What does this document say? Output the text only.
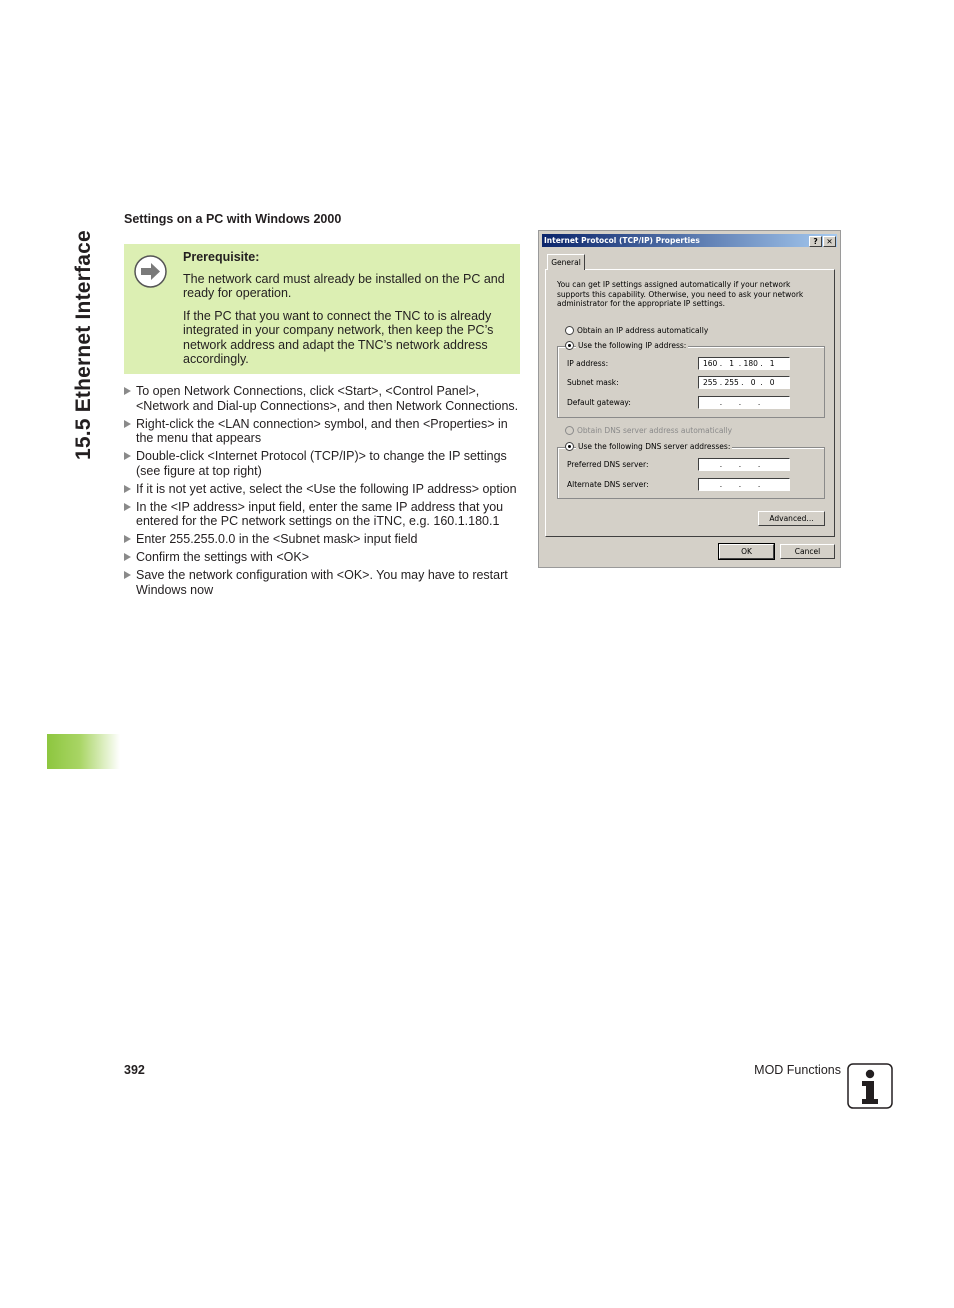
15.5 Ethernet Interface
Settings on a PC with Windows 2000
Prerequisite:

The network card must already be installed on the PC and ready for operation.

If the PC that you want to connect the TNC to is already integrated in your company network, then keep the PC’s network address and adapt the TNC’s network address accordingly.

To open Network Connections, click <Start>, <Control Panel>, <Network and Dial-up Connections>, and then Network Connections.
Right-click the <LAN connection> symbol, and then <Properties> in the menu that appears
Double-click <Internet Protocol (TCP/IP)> to change the IP settings (see figure at top right)
If it is not yet active, select the <Use the following IP address> option
In the <IP address> input field, enter the same IP address that you entered for the PC network settings on the iTNC, e.g. 160.1.180.1
Enter 255.255.0.0 in the <Subnet mask> input field
Confirm the settings with <OK>
Save the network configuration with <OK>. You may have to restart Windows now
Internet Protocol (TCP/IP) Properties	?	✕
General
You can get IP settings assigned automatically if your network supports this capability. Otherwise, you need to ask your network administrator for the appropriate IP settings.
Obtain an IP address automatically
Use the following IP address:
IP address:	160 .   1  . 180 .   1
Subnet mask:	255 . 255 .   0  .   0
Default gateway:	.       .       .
Obtain DNS server address automatically
Use the following DNS server addresses:
Preferred DNS server:	.       .       .
Alternate DNS server:	.       .       .
Advanced...
OK	Cancel
392	MOD Functions
